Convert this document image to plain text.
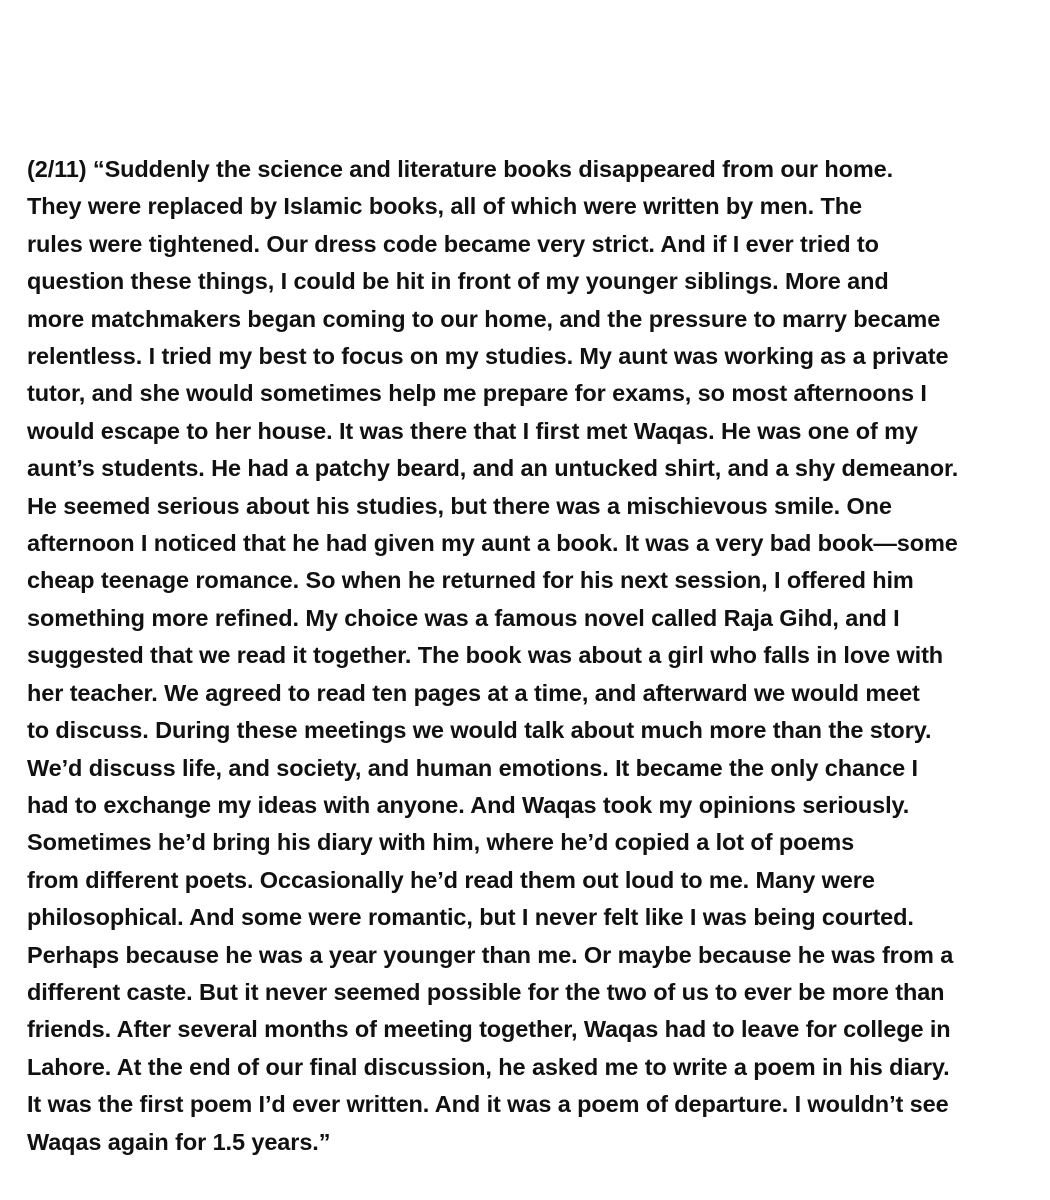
(2/11) “Suddenly the science and literature books disappeared from our home.
They were replaced by Islamic books, all of which were written by men. The
rules were tightened. Our dress code became very strict. And if I ever tried to
question these things, I could be hit in front of my younger siblings. More and
more matchmakers began coming to our home, and the pressure to marry became
relentless. I tried my best to focus on my studies. My aunt was working as a private
tutor, and she would sometimes help me prepare for exams, so most afternoons I
would escape to her house. It was there that I first met Waqas. He was one of my
aunt’s students. He had a patchy beard, and an untucked shirt, and a shy demeanor.
He seemed serious about his studies, but there was a mischievous smile. One
afternoon I noticed that he had given my aunt a book. It was a very bad book—some
cheap teenage romance. So when he returned for his next session, I offered him
something more refined. My choice was a famous novel called Raja Gihd, and I
suggested that we read it together. The book was about a girl who falls in love with
her teacher. We agreed to read ten pages at a time, and afterward we would meet
to discuss. During these meetings we would talk about much more than the story.
We’d discuss life, and society, and human emotions. It became the only chance I
had to exchange my ideas with anyone. And Waqas took my opinions seriously.
Sometimes he’d bring his diary with him, where he’d copied a lot of poems
from different poets. Occasionally he’d read them out loud to me. Many were
philosophical. And some were romantic, but I never felt like I was being courted.
Perhaps because he was a year younger than me. Or maybe because he was from a
different caste. But it never seemed possible for the two of us to ever be more than
friends. After several months of meeting together, Waqas had to leave for college in
Lahore. At the end of our final discussion, he asked me to write a poem in his diary.
It was the first poem I’d ever written. And it was a poem of departure. I wouldn’t see
Waqas again for 1.5 years.”
